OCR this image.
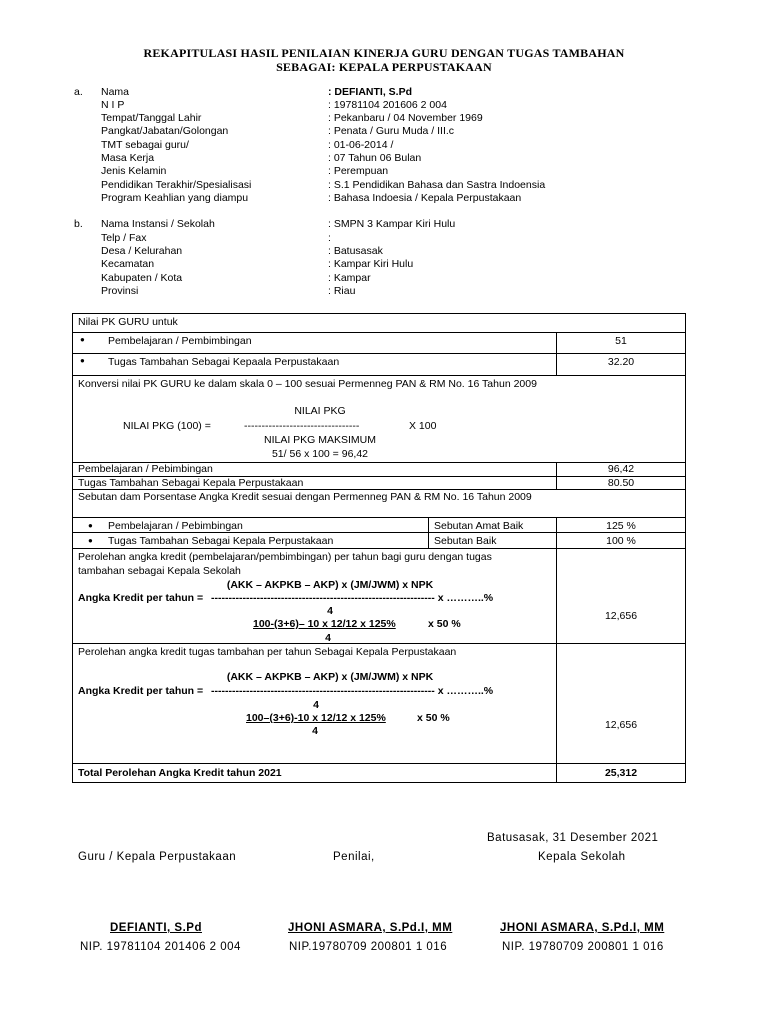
REKAPITULASI HASIL PENILAIAN KINERJA GURU DENGAN TUGAS TAMBAHAN
SEBAGAI: KEPALA PERPUSTAKAAN
a. Nama	: DEFIANTI, S.Pd
N I P	: 19781104 201606 2 004
Tempat/Tanggal Lahir	: Pekanbaru / 04 November 1969
Pangkat/Jabatan/Golongan	: Penata / Guru Muda / III.c
TMT sebagai guru/	: 01-06-2014 /
Masa Kerja	: 07 Tahun 06 Bulan
Jenis Kelamin	: Perempuan
Pendidikan Terakhir/Spesialisasi	: S.1 Pendidikan Bahasa dan Sastra Indoensia
Program Keahlian yang diampu	: Bahasa Indoesia / Kepala Perpustakaan
b. Nama Instansi / Sekolah	: SMPN 3 Kampar Kiri Hulu
Telp / Fax	:
Desa / Kelurahan	: Batusasak
Kecamatan	: Kampar Kiri Hulu
Kabupaten / Kota	: Kampar
Provinsi	: Riau
Nilai PK GURU untuk
● Pembelajaran / Pembimbingan	51
● Tugas Tambahan Sebagai Kepaala Perpustakaan	32.20
Konversi nilai PK GURU ke dalam skala 0 – 100 sesuai Permenneg PAN & RM No. 16 Tahun 2009
NILAI PKG
NILAI PKG (100) =	---------------------------------	X 100
NILAI PKG MAKSIMUM
51/ 56 x 100 = 96,42
Pembelajaran / Pebimbingan	96,42
Tugas Tambahan Sebagai Kepala Perpustakaan	80.50
Sebutan dam Porsentase Angka Kredit sesuai dengan Permenneg PAN & RM No. 16 Tahun 2009
● Pembelajaran / Pebimbingan	Sebutan Amat Baik	125 %
● Tugas Tambahan Sebagai Kepala Perpustakaan	Sebutan Baik	100 %
Perolehan angka kredit (pembelajaran/pembimbingan) per tahun bagi guru dengan tugas
tambahan sebagai Kepala Sekolah
(AKK – AKPKB – AKP) x (JM/JWM) x NPK
Angka Kredit per tahun = ---------------------------------------------------------------- x ………..%
4
100-(3+6)– 10 x 12/12 x 125%	x 50 %
4
12,656
Perolehan angka kredit tugas tambahan per tahun Sebagai Kepala Perpustakaan
(AKK – AKPKB – AKP) x (JM/JWM) x NPK
Angka Kredit per tahun = ---------------------------------------------------------------- x ………..%
4
100–(3+6)-10 x 12/12 x 125%	x 50 %
4	12,656
Total Perolehan Angka Kredit tahun 2021	25,312
Batusasak, 31 Desember 2021
Guru / Kepala Perpustakaan	Penilai,	Kepala Sekolah
DEFIANTI, S.Pd
NIP. 19781104 201406 2 004
JHONI ASMARA, S.Pd.I, MM
NIP.19780709 200801 1 016
JHONI ASMARA, S.Pd.I, MM
NIP. 19780709 200801 1 016
